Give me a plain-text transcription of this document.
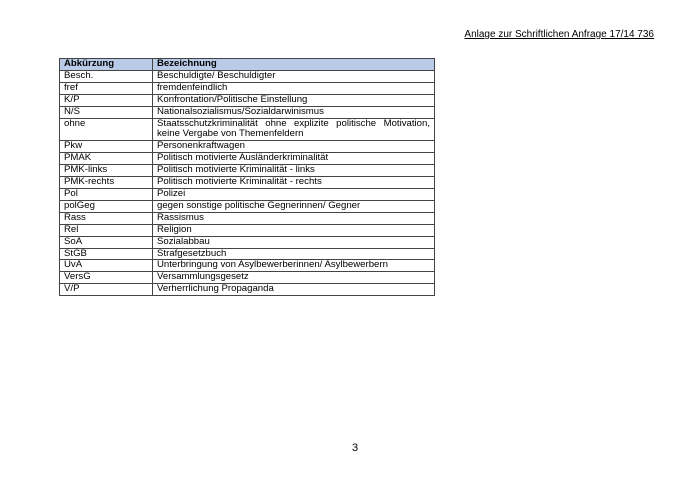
Anlage zur Schriftlichen Anfrage 17/14 736
Abkürzung	Bezeichnung
Besch.	Beschuldigte/ Beschuldigter
fref	fremdenfeindlich
K/P	Konfrontation/Politische Einstellung
N/S	Nationalsozialismus/Sozialdarwinismus
ohne	Staatsschutzkriminalität ohne explizite politische Motivation, keine Vergabe von Themenfeldern
Pkw	Personenkraftwagen
PMAK	Politisch motivierte Ausländerkriminalität
PMK-links	Politisch motivierte Kriminalität - links
PMK-rechts	Politisch motivierte Kriminalität - rechts
Pol	Polizei
polGeg	gegen sonstige politische Gegnerinnen/ Gegner
Rass	Rassismus
Rel	Religion
SoA	Sozialabbau
StGB	Strafgesetzbuch
UvA	Unterbringung von Asylbewerberinnen/ Asylbewerbern
VersG	Versammlungsgesetz
V/P	Verherrlichung Propaganda
3
